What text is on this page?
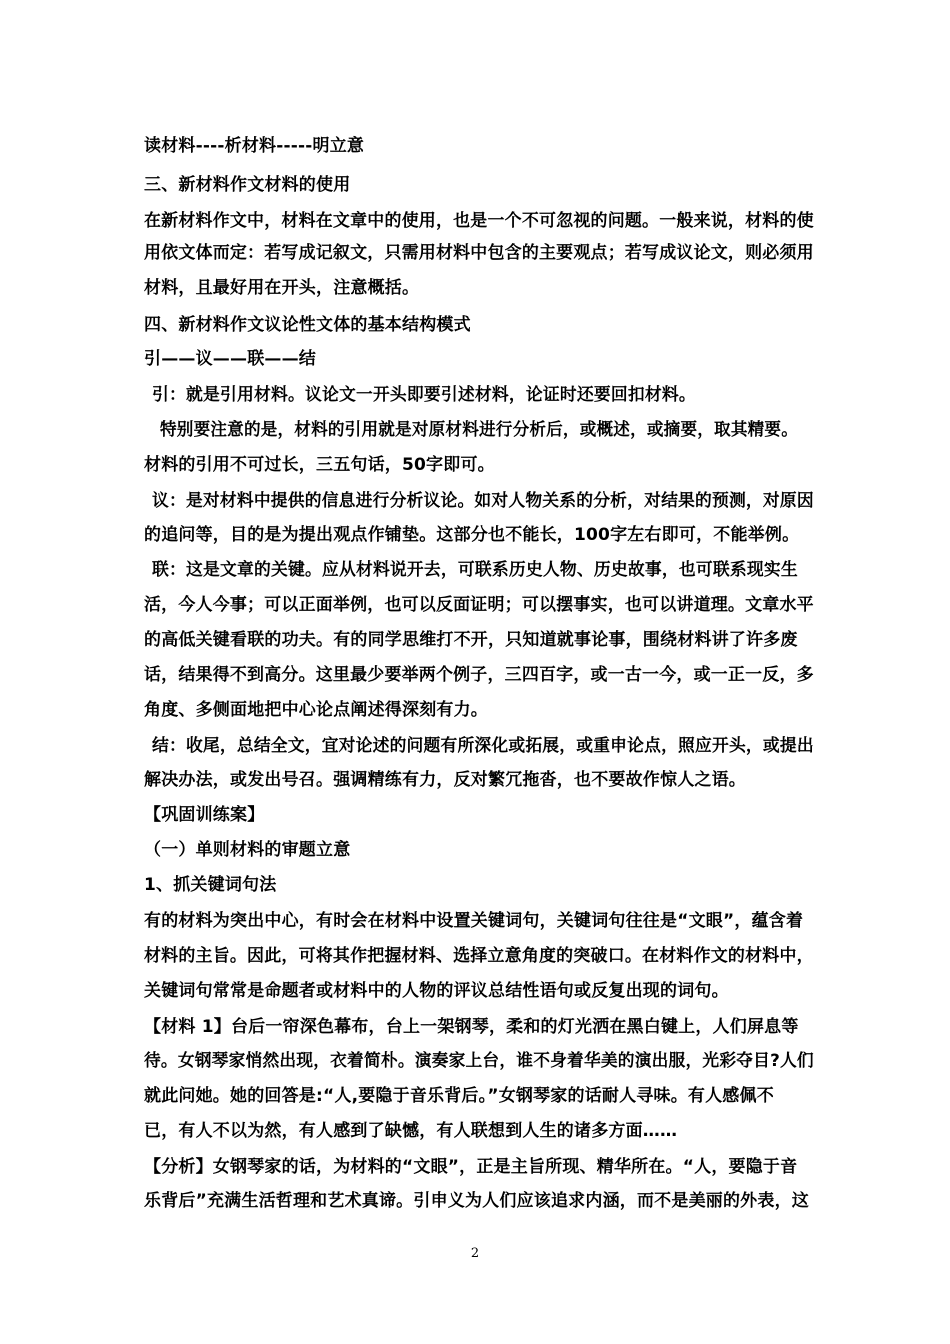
读材料----析材料-----明立意
三、新材料作文材料的使用
在新材料作文中，材料在文章中的使用，也是一个不可忽视的问题。一般来说，材料的使
用依文体而定：若写成记叙文，只需用材料中包含的主要观点；若写成议论文，则必须用
材料，且最好用在开头，注意概括。
四、新材料作文议论性文体的基本结构模式
引——议——联——结
引：就是引用材料。议论文一开头即要引述材料，论证时还要回扣材料。
特别要注意的是，材料的引用就是对原材料进行分析后，或概述，或摘要，取其精要。
材料的引用不可过长，三五句话，50字即可。
议：是对材料中提供的信息进行分析议论。如对人物关系的分析，对结果的预测，对原因
的追问等，目的是为提出观点作铺垫。这部分也不能长，100字左右即可，不能举例。
联：这是文章的关键。应从材料说开去，可联系历史人物、历史故事，也可联系现实生
活，今人今事；可以正面举例，也可以反面证明；可以摆事实，也可以讲道理。文章水平
的高低关键看联的功夫。有的同学思维打不开，只知道就事论事，围绕材料讲了许多废
话，结果得不到高分。这里最少要举两个例子，三四百字，或一古一今，或一正一反，多
角度、多侧面地把中心论点阐述得深刻有力。
结：收尾，总结全文，宜对论述的问题有所深化或拓展，或重申论点，照应开头，或提出
解决办法，或发出号召。强调精练有力，反对繁冗拖沓，也不要故作惊人之语。
【巩固训练案】
（一）单则材料的审题立意
1、抓关键词句法
有的材料为突出中心，有时会在材料中设置关键词句，关键词句往往是“文眼”，蕴含着
材料的主旨。因此，可将其作把握材料、选择立意角度的突破口。在材料作文的材料中，
关键词句常常是命题者或材料中的人物的评议总结性语句或反复出现的词句。
【材料 1】台后一帘深色幕布，台上一架钢琴，柔和的灯光洒在黑白键上，人们屏息等
待。女钢琴家悄然出现，衣着简朴。演奏家上台，谁不身着华美的演出服，光彩夺目?人们
就此问她。她的回答是:“人,要隐于音乐背后。”女钢琴家的话耐人寻味。有人感佩不
已，有人不以为然，有人感到了缺憾，有人联想到人生的诸多方面……
【分析】女钢琴家的话，为材料的“文眼”，正是主旨所现、精华所在。“人，要隐于音
乐背后”充满生活哲理和艺术真谛。引申义为人们应该追求内涵，而不是美丽的外表，这
2
